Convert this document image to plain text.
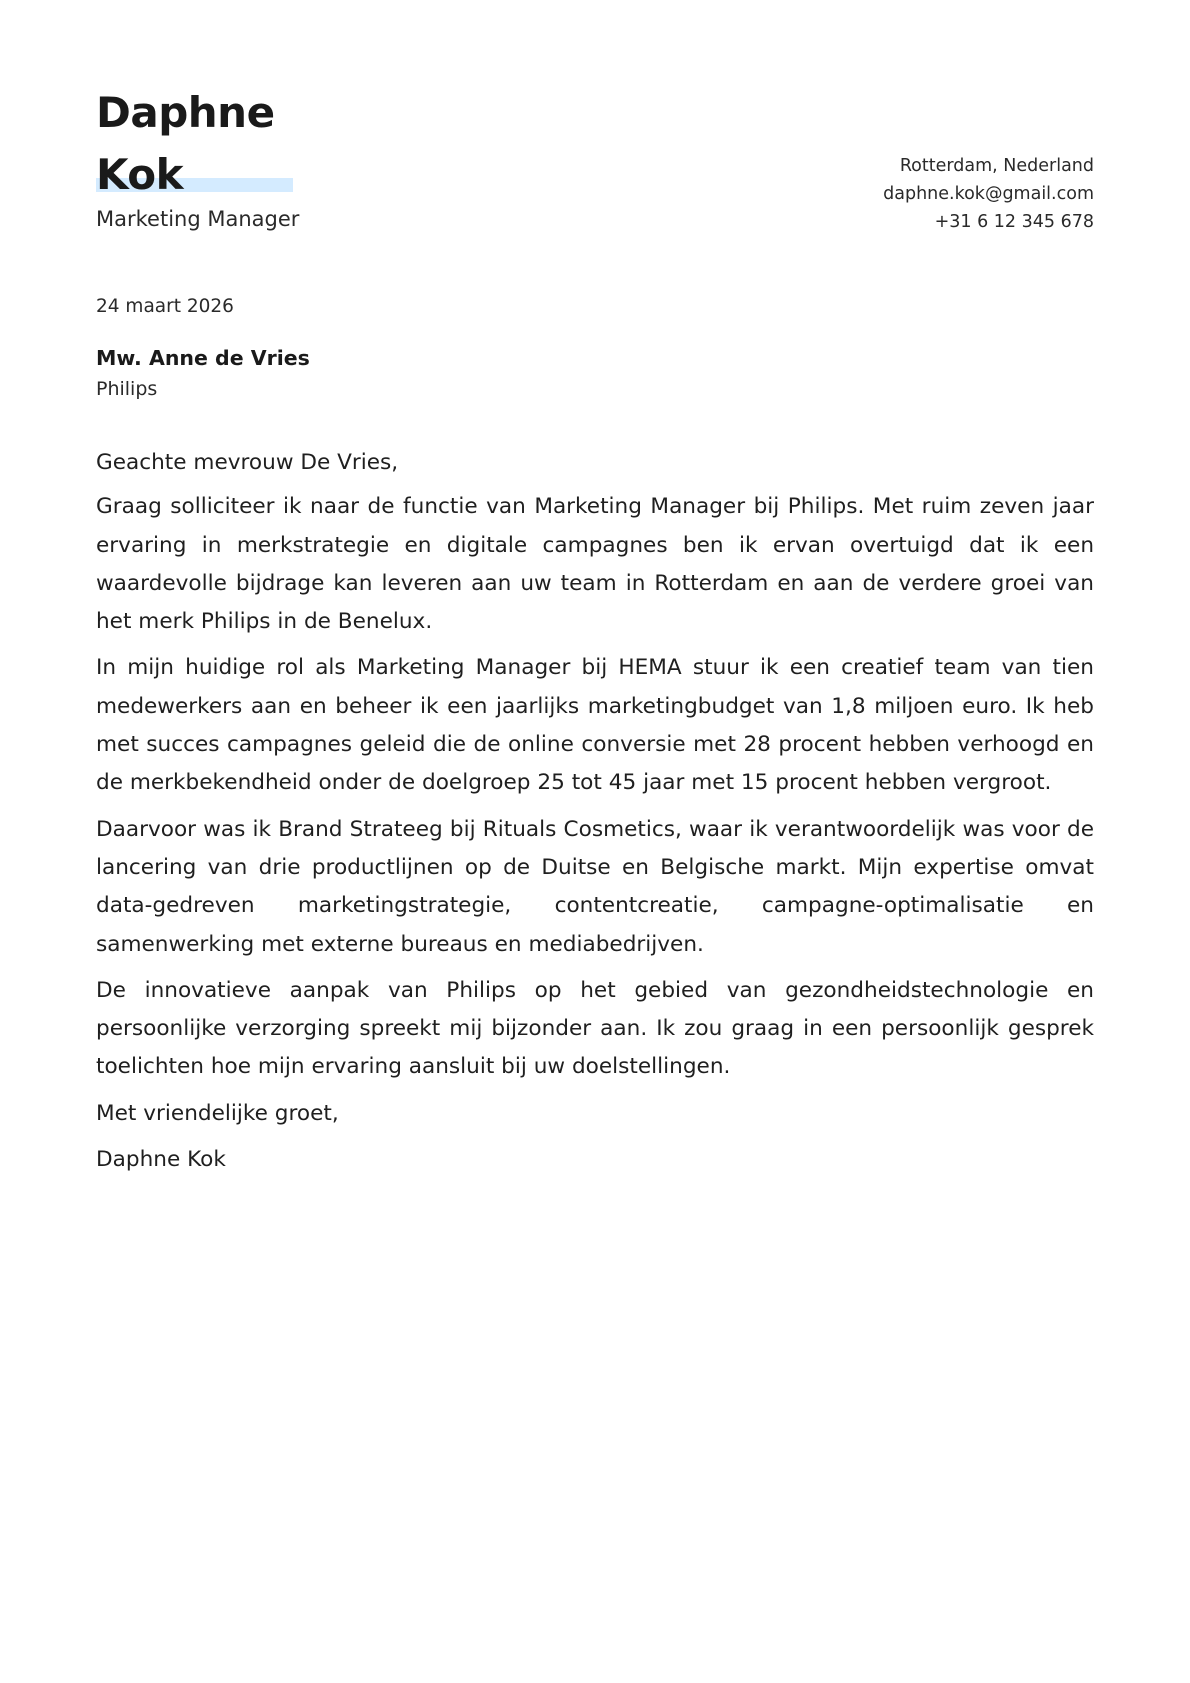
Daphne
Kok
Marketing Manager
Rotterdam, Nederland
daphne.kok@gmail.com
+31 6 12 345 678
24 maart 2026
Mw. Anne de Vries
Philips

Geachte mevrouw De Vries,

Graag solliciteer ik naar de functie van Marketing Manager bij Philips. Met ruim zeven jaar ervaring in merkstrategie en digitale campagnes ben ik ervan overtuigd dat ik een waardevolle bijdrage kan leveren aan uw team in Rotterdam en aan de verdere groei van het merk Philips in de Benelux.

In mijn huidige rol als Marketing Manager bij HEMA stuur ik een creatief team van tien medewerkers aan en beheer ik een jaarlijks marketingbudget van 1,8 miljoen euro. Ik heb met succes campagnes geleid die de online conversie met 28 procent hebben verhoogd en de merkbekendheid onder de doelgroep 25 tot 45 jaar met 15 procent hebben vergroot.

Daarvoor was ik Brand Strateeg bij Rituals Cosmetics, waar ik verantwoordelijk was voor de lancering van drie productlijnen op de Duitse en Belgische markt. Mijn expertise omvat data-gedreven marketingstrategie, contentcreatie, campagne-optimalisatie en samenwerking met externe bureaus en mediabedrijven.

De innovatieve aanpak van Philips op het gebied van gezondheidstechnologie en persoonlijke verzorging spreekt mij bijzonder aan. Ik zou graag in een persoonlijk gesprek toelichten hoe mijn ervaring aansluit bij uw doelstellingen.

Met vriendelijke groet,

Daphne Kok
